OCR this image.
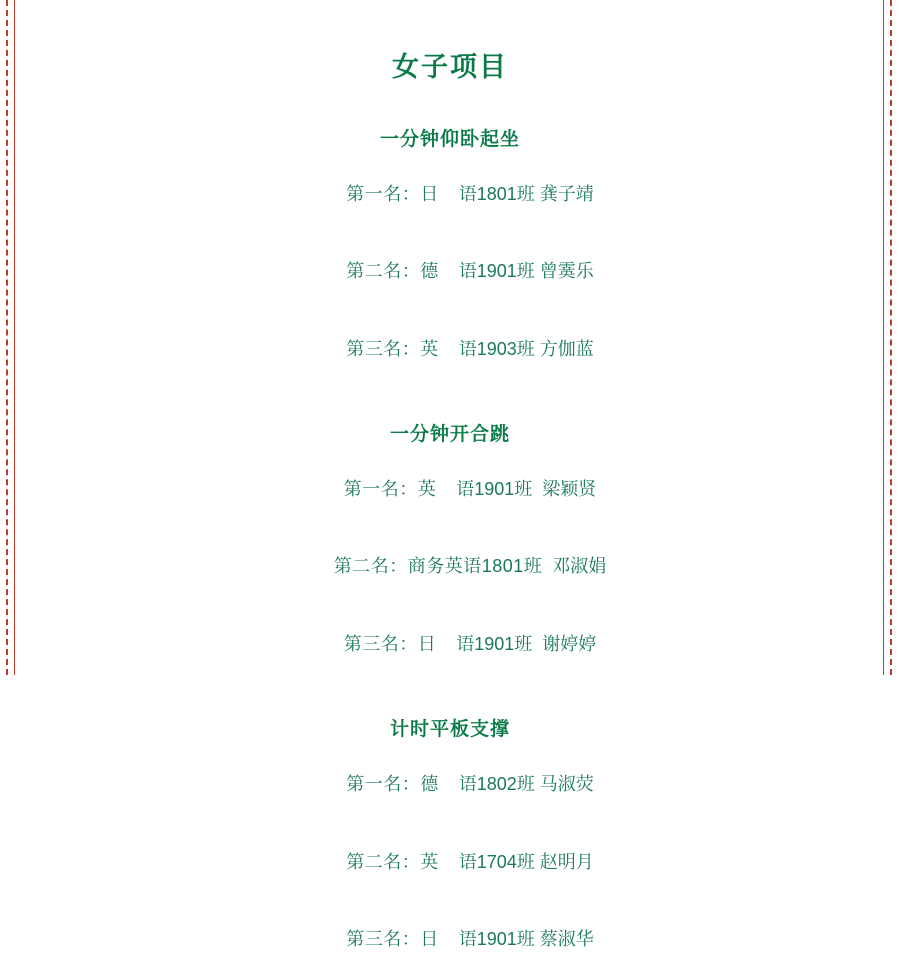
女子项目
一分钟仰卧起坐

第一名：日 语1801班 龚子靖

第二名：德 语1901班 曾霙乐

第三名：英 语1903班 方伽蓝

一分钟开合跳

第一名：英 语1901班 梁颖贤

第二名：商务英语1801班 邓淑娟

第三名：日 语1901班 谢婷婷

计时平板支撑

第一名：德 语1802班 马淑荧

第二名：英 语1704班 赵明月

第三名：日 语1901班 蔡淑华
